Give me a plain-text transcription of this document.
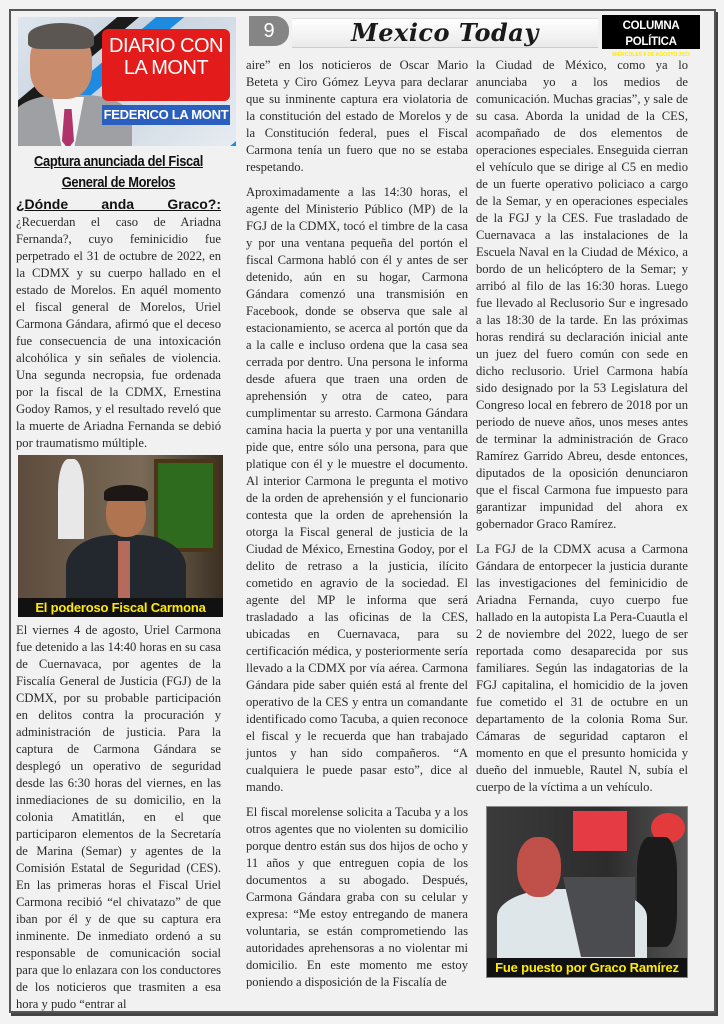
9	Mexico Today	COLUMNA POLÍTICA
MIÉRCOLES 9 DE AGOSTO 2023
DIARIO CON
LA MONT
FEDERICO LA MONT
Captura anunciada del Fiscal General de Morelos

¿Dónde anda Graco?: ¿Recuerdan el caso de Ariadna Fernanda?, cuyo feminicidio fue perpetrado el 31 de octubre de 2022, en la CDMX y su cuerpo hallado en el estado de Morelos. En aquél momento el fiscal general de Morelos, Uriel Carmona Gándara, afirmó que el deceso fue consecuencia de una intoxicación alcohólica y sin señales de violencia. Una segunda necropsia, fue ordenada por la fiscal de la CDMX, Ernestina Godoy Ramos, y el resultado reveló que la muerte de Ariadna Fernanda se debió por traumatismo múltiple.

El poderoso Fiscal Carmona

El viernes 4 de agosto, Uriel Carmona fue detenido a las 14:40 horas en su casa de Cuernavaca, por agentes de la Fiscalía General de Justicia (FGJ) de la CDMX, por su probable participación en delitos contra la procuración y administración de justicia. Para la captura de Carmona Gándara se desplegó un operativo de seguridad desde las 6:30 horas del viernes, en las inmediaciones de su domicilio, en la colonia Amatitlán, en el que participaron elementos de la Secretaría de Marina (Semar) y agentes de la Comisión Estatal de Seguridad (CES). En las primeras horas el Fiscal Uriel Carmona recibió “el chivatazo” de que iban por él y de que su captura era inminente. De inmediato ordenó a su responsable de comunicación social para que lo enlazara con los conductores de los noticieros que trasmiten a esa hora y pudo “entrar al

aire” en los noticieros de Oscar Mario Beteta y Ciro Gómez Leyva para declarar que su inminente captura era violatoria de la constitución del estado de Morelos y de la Constitución federal, pues el Fiscal Carmona tenía un fuero que no se estaba respetando.

Aproximadamente a las 14:30 horas, el agente del Ministerio Público (MP) de la FGJ de la CDMX, tocó el timbre de la casa y por una ventana pequeña del portón el fiscal Carmona habló con él y antes de ser detenido, aún en su hogar, Carmona Gándara comenzó una transmisión en Facebook, donde se observa que sale al estacionamiento, se acerca al portón que da a la calle e incluso ordena que la casa sea cerrada por dentro. Una persona le informa desde afuera que traen una orden de aprehensión y otra de cateo, para cumplimentar su arresto. Carmona Gándara camina hacia la puerta y por una ventanilla pide que, entre sólo una persona, para que platique con él y le muestre el documento. Al interior Carmona le pregunta el motivo de la orden de aprehensión y el funcionario contesta que la orden de aprehensión la otorga la Fiscal general de justicia de la Ciudad de México, Ernestina Godoy, por el delito de retraso a la justicia, ilícito cometido en agravio de la sociedad. El agente del MP le informa que será trasladado a las oficinas de la CES, ubicadas en Cuernavaca, para su certificación médica, y posteriormente sería llevado a la CDMX por vía aérea. Carmona Gándara pide saber quién está al frente del operativo de la CES y entra un comandante identificado como Tacuba, a quien reconoce el fiscal y le recuerda que han trabajado juntos y han sido compañeros. “A cualquiera le puede pasar esto”, dice al mando.

El fiscal morelense solicita a Tacuba y a los otros agentes que no violenten su domicilio porque dentro están sus dos hijos de ocho y 11 años y que entreguen copia de los documentos a su abogado. Después, Carmona Gándara graba con su celular y expresa: “Me estoy entregando de manera voluntaria, se están comprometiendo las autoridades aprehensoras a no violentar mi domicilio. En este momento me estoy poniendo a disposición de la Fiscalía de

la Ciudad de México, como ya lo anunciaba yo a los medios de comunicación. Muchas gracias”, y sale de su casa. Aborda la unidad de la CES, acompañado de dos elementos de operaciones especiales. Enseguida cierran el vehículo que se dirige al C5 en medio de un fuerte operativo policiaco a cargo de la Semar, y en operaciones especiales de la FGJ y la CES. Fue trasladado de Cuernavaca a las instalaciones de la Escuela Naval en la Ciudad de México, a bordo de un helicóptero de la Semar; y arribó al filo de las 16:30 horas. Luego fue llevado al Reclusorio Sur e ingresado a las 18:30 de la tarde. En las próximas horas rendirá su declaración inicial ante un juez del fuero común con sede en dicho reclusorio. Uriel Carmona había sido designado por la 53 Legislatura del Congreso local en febrero de 2018 por un periodo de nueve años, unos meses antes de terminar la administración de Graco Ramírez Garrido Abreu, desde entonces, diputados de la oposición denunciaron que el fiscal Carmona fue impuesto para garantizar impunidad del ahora ex gobernador Graco Ramírez.

La FGJ de la CDMX acusa a Carmona Gándara de entorpecer la justicia durante las investigaciones del feminicidio de Ariadna Fernanda, cuyo cuerpo fue hallado en la autopista La Pera-Cuautla el 2 de noviembre del 2022, luego de ser reportada como desaparecida por sus familiares. Según las indagatorias de la FGJ capitalina, el homicidio de la joven fue cometido el 31 de octubre en un departamento de la colonia Roma Sur. Cámaras de seguridad captaron el momento en que el presunto homicida y dueño del inmueble, Rautel N, subía el cuerpo de la víctima a un vehículo.

Fue puesto por Graco Ramírez
